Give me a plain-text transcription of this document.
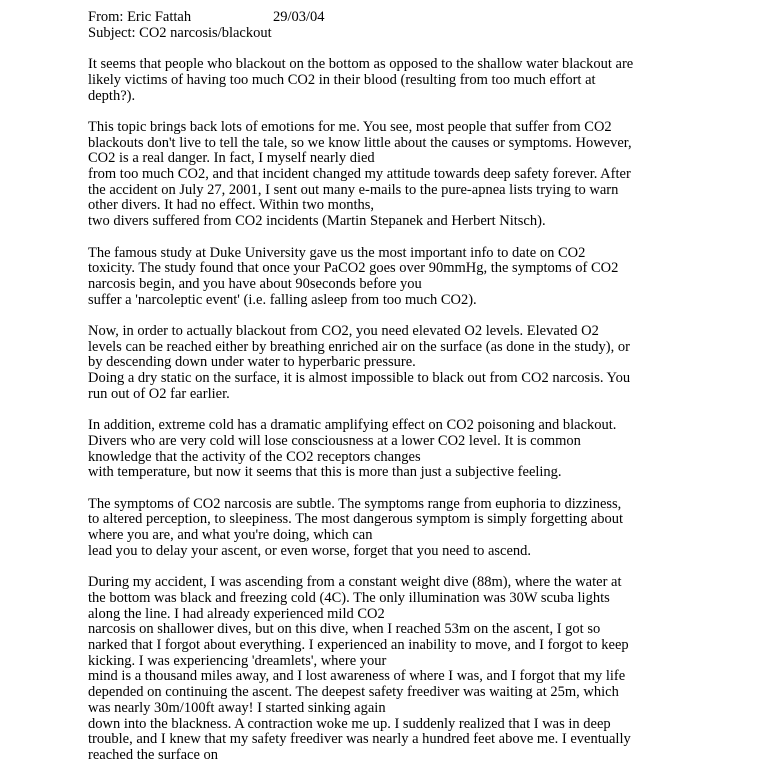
From: Eric Fattah	29/03/04
Subject: CO2 narcosis/blackout

It seems that people who blackout on the bottom as opposed to the shallow water blackout are
likely victims of having too much CO2 in their blood (resulting from too much effort at
depth?).

This topic brings back lots of emotions for me. You see, most people that suffer from CO2
blackouts don't live to tell the tale, so we know little about the causes or symptoms. However,
CO2 is a real danger. In fact, I myself nearly died
from too much CO2, and that incident changed my attitude towards deep safety forever. After
the accident on July 27, 2001, I sent out many e-mails to the pure-apnea lists trying to warn
other divers. It had no effect. Within two months,
two divers suffered from CO2 incidents (Martin Stepanek and Herbert Nitsch).

The famous study at Duke University gave us the most important info to date on CO2
toxicity. The study found that once your PaCO2 goes over 90mmHg, the symptoms of CO2
narcosis begin, and you have about 90seconds before you
suffer a 'narcoleptic event' (i.e. falling asleep from too much CO2).

Now, in order to actually blackout from CO2, you need elevated O2 levels. Elevated O2
levels can be reached either by breathing enriched air on the surface (as done in the study), or
by descending down under water to hyperbaric pressure.
Doing a dry static on the surface, it is almost impossible to black out from CO2 narcosis. You
run out of O2 far earlier.

In addition, extreme cold has a dramatic amplifying effect on CO2 poisoning and blackout.
Divers who are very cold will lose consciousness at a lower CO2 level. It is common
knowledge that the activity of the CO2 receptors changes
with temperature, but now it seems that this is more than just a subjective feeling.

The symptoms of CO2 narcosis are subtle. The symptoms range from euphoria to dizziness,
to altered perception, to sleepiness. The most dangerous symptom is simply forgetting about
where you are, and what you're doing, which can
lead you to delay your ascent, or even worse, forget that you need to ascend.

During my accident, I was ascending from a constant weight dive (88m), where the water at
the bottom was black and freezing cold (4C). The only illumination was 30W scuba lights
along the line. I had already experienced mild CO2
narcosis on shallower dives, but on this dive, when I reached 53m on the ascent, I got so
narked that I forgot about everything. I experienced an inability to move, and I forgot to keep
kicking. I was experiencing 'dreamlets', where your
mind is a thousand miles away, and I lost awareness of where I was, and I forgot that my life
depended on continuing the ascent. The deepest safety freediver was waiting at 25m, which
was nearly 30m/100ft away! I started sinking again
down into the blackness. A contraction woke me up. I suddenly realized that I was in deep
trouble, and I knew that my safety freediver was nearly a hundred feet above me. I eventually
reached the surface on
